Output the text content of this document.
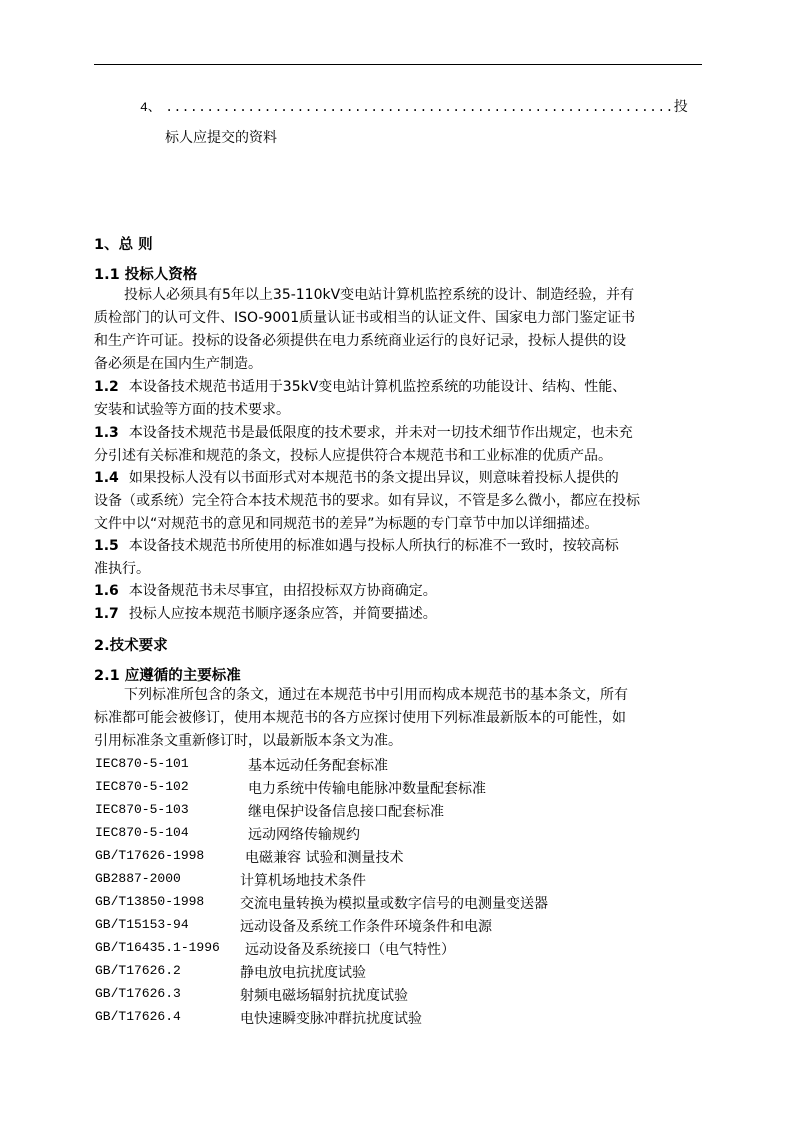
4、 ..............................................................投
标人应提交的资料
1、总 则
1.1 投标人资格
投标人必须具有5年以上35-110kV变电站计算机监控系统的设计、制造经验，并有
质检部门的认可文件、ISO-9001质量认证书或相当的认证文件、国家电力部门鉴定证书
和生产许可证。投标的设备必须提供在电力系统商业运行的良好记录，投标人提供的设
备必须是在国内生产制造。
1.2 本设备技术规范书适用于35kV变电站计算机监控系统的功能设计、结构、性能、
安装和试验等方面的技术要求。
1.3 本设备技术规范书是最低限度的技术要求，并未对一切技术细节作出规定，也未充
分引述有关标准和规范的条文，投标人应提供符合本规范书和工业标准的优质产品。
1.4 如果投标人没有以书面形式对本规范书的条文提出异议，则意味着投标人提供的
设备（或系统）完全符合本技术规范书的要求。如有异议，不管是多么微小，都应在投标
文件中以“对规范书的意见和同规范书的差异”为标题的专门章节中加以详细描述。
1.5 本设备技术规范书所使用的标准如遇与投标人所执行的标准不一致时，按较高标
准执行。
1.6 本设备规范书未尽事宜，由招投标双方协商确定。
1.7 投标人应按本规范书顺序逐条应答，并简要描述。
2.技术要求
2.1 应遵循的主要标准
下列标准所包含的条文，通过在本规范书中引用而构成本规范书的基本条文，所有
标准都可能会被修订，使用本规范书的各方应探讨使用下列标准最新版本的可能性，如
引用标准条文重新修订时，以最新版本条文为准。
IEC870-5-101	基本远动任务配套标准
IEC870-5-102	电力系统中传输电能脉冲数量配套标准
IEC870-5-103	继电保护设备信息接口配套标准
IEC870-5-104	远动网络传输规约
GB/T17626-1998	电磁兼容 试验和测量技术
GB2887-2000	计算机场地技术条件
GB/T13850-1998	交流电量转换为模拟量或数字信号的电测量变送器
GB/T15153-94	远动设备及系统工作条件环境条件和电源
GB/T16435.1-1996 远动设备及系统接口（电气特性）
GB/T17626.2	静电放电抗扰度试验
GB/T17626.3	射频电磁场辐射抗扰度试验
GB/T17626.4	电快速瞬变脉冲群抗扰度试验
